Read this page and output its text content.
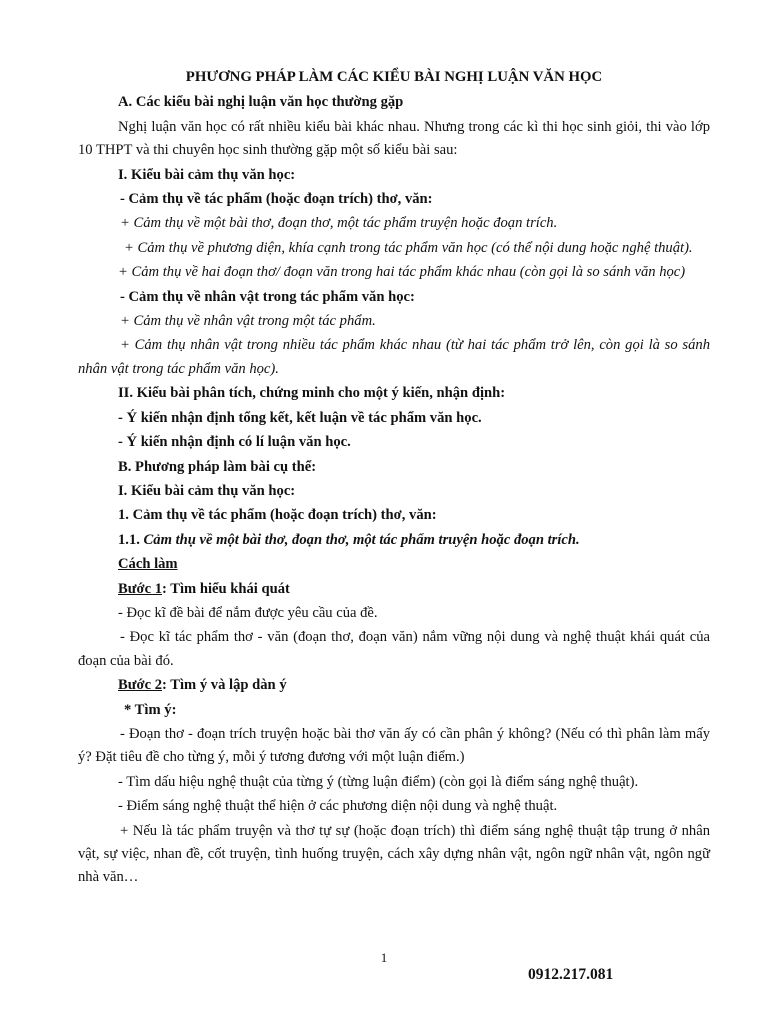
PHƯƠNG PHÁP LÀM CÁC KIỂU BÀI NGHỊ LUẬN VĂN HỌC
A. Các kiểu bài nghị luận văn học thường gặp
Nghị luận văn học có rất nhiều kiểu bài khác nhau. Nhưng trong các kì thi học sinh giỏi, thi vào lớp 10 THPT và thi chuyên học sinh thường gặp một số kiểu bài sau:
I. Kiểu bài cảm thụ văn học:
- Cảm thụ về tác phẩm (hoặc đoạn trích) thơ, văn:
+ Cảm thụ về một bài thơ, đoạn thơ, một tác phẩm truyện hoặc đoạn trích.
+ Cảm thụ về phương diện, khía cạnh trong tác phẩm văn học (có thể nội dung hoặc nghệ thuật).
+ Cảm thụ về hai đoạn thơ/ đoạn văn trong hai tác phẩm khác nhau (còn gọi là so sánh văn học)
- Cảm thụ về nhân vật trong tác phẩm văn học:
+ Cảm thụ về nhân vật trong một tác phẩm.
+ Cảm thụ nhân vật trong nhiều tác phẩm khác nhau (từ hai tác phẩm trở lên, còn gọi là so sánh nhân vật trong tác phẩm văn học).
II. Kiểu bài phân tích, chứng minh cho một ý kiến, nhận định:
- Ý kiến nhận định tổng kết, kết luận về tác phẩm văn học.
- Ý kiến nhận định có lí luận văn học.
B. Phương pháp làm bài cụ thể:
I. Kiểu bài cảm thụ văn học:
1. Cảm thụ về tác phẩm (hoặc đoạn trích) thơ, văn:
1.1. Cảm thụ về một bài thơ, đoạn thơ, một tác phẩm truyện hoặc đoạn trích.
Cách làm
Bước 1: Tìm hiểu khái quát
- Đọc kĩ đề bài để nắm được yêu cầu của đề.
- Đọc kĩ tác phẩm thơ - văn (đoạn thơ, đoạn văn) nắm vững nội dung và nghệ thuật khái quát của đoạn của bài đó.
Bước 2: Tìm ý và lập dàn ý
* Tìm ý:
- Đoạn thơ - đoạn trích truyện hoặc bài thơ văn ấy có cần phân ý không? (Nếu có thì phân làm mấy ý? Đặt tiêu đề cho từng ý, mỗi ý tương đương với một luận điểm.)
- Tìm dấu hiệu nghệ thuật của từng ý (từng luận điểm) (còn gọi là điểm sáng nghệ thuật).
- Điểm sáng nghệ thuật thể hiện ở các phương diện nội dung và nghệ thuật.
+ Nếu là tác phẩm truyện và thơ tự sự (hoặc đoạn trích) thì điểm sáng nghệ thuật tập trung ở nhân vật, sự việc, nhan đề, cốt truyện, tình huống truyện, cách xây dựng nhân vật, ngôn ngữ nhân vật, ngôn ngữ nhà văn…
1
0912.217.081
